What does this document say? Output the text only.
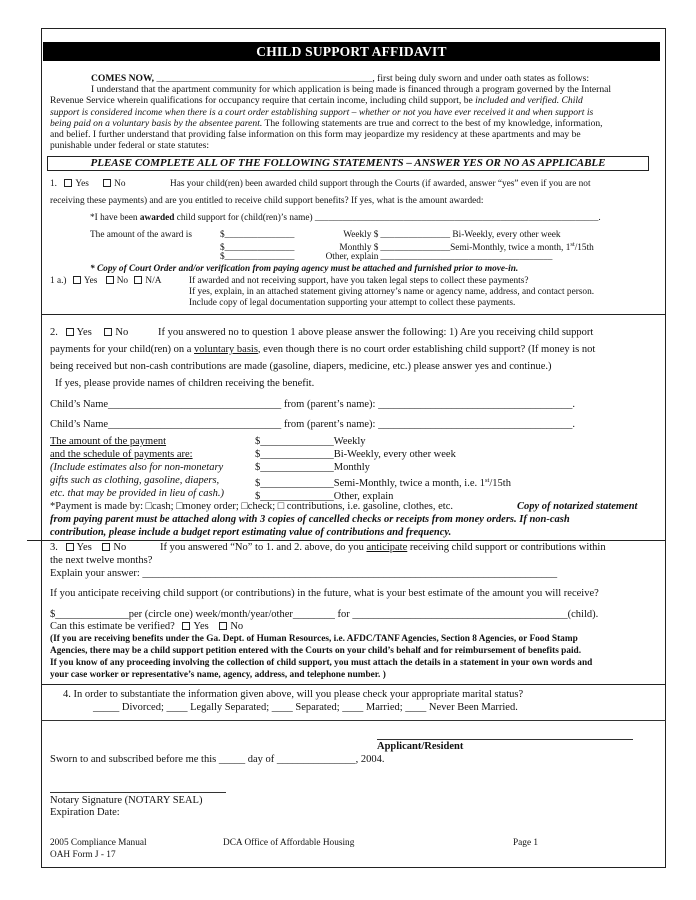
CHILD SUPPORT AFFIDAVIT
COMES NOW, _____________________________________________, first being duly sworn and under oath states as follows:
I understand that the apartment community for which application is being made is financed through a program governed by the Internal
Revenue Service wherein qualifications for occupancy require that certain income, including child support, be included and verified. Child
support is considered income when there is a court order establishing support – whether or not you have ever received it and when support is
being paid on a voluntary basis by the absentee parent. The following statements are true and correct to the best of my knowledge, information,
and belief. I further understand that providing false information on this form may jeopardize my residency at these apartments and may be
punishable under federal or state statutes:
PLEASE COMPLETE ALL OF THE FOLLOWING STATEMENTS – ANSWER YES OR NO AS APPLICABLE
1. Yes	No	Has your child(ren) been awarded child support through the Courts (if awarded, answer “yes” even if you are not
receiving these payments) and are you entitled to receive child support benefits? If yes, what is the amount awarded:
*I have been awarded child support for (child(ren)’s name) _____________________________________________________________.
The amount of the award is	$_______________	Weekly $ _______________ Bi-Weekly, every other week
$_______________	Monthly $ _______________Semi-Monthly, twice a month, 1st/15th
$_______________	Other, explain _____________________________________
* Copy of Court Order and/or verification from paying agency must be attached and furnished prior to move-in.
1 a.) Yes No N/A	If awarded and not receiving support, have you taken legal steps to collect these payments?
If yes, explain, in an attached statement giving attorney’s name or agency name, address, and contact person.
Include copy of legal documentation supporting your attempt to collect these payments.
2. Yes No	If you answered no to question 1 above please answer the following: 1) Are you receiving child support
payments for your child(ren) on a voluntary basis, even though there is no court order establishing child support? (If money is not
being received but non-cash contributions are made (gasoline, diapers, medicine, etc.) please answer yes and continue.)
If yes, please provide names of children receiving the benefit.
Child’s Name_________________________________ from (parent’s name): _____________________________________.
Child’s Name_________________________________ from (parent’s name): _____________________________________.
The amount of the payment
and the schedule of payments are:
(Include estimates also for non-monetary
gifts such as clothing, gasoline, diapers,
etc. that may be provided in lieu of cash.)
$______________Weekly
$______________Bi-Weekly, every other week
$______________Monthly
$______________Semi-Monthly, twice a month, i.e. 1st/15th
$______________Other, explain
*Payment is made by: □cash; □money order; □check; □ contributions, i.e. gasoline, clothes, etc.	Copy of notarized statement
from paying parent must be attached along with 3 copies of cancelled checks or receipts from money orders. If non-cash
contribution, please include a budget report estimating value of contributions and frequency.
3. Yes No	If you answered “No” to 1. and 2. above, do you anticipate receiving child support or contributions within
the next twelve months?
Explain your answer: _______________________________________________________________________________
If you anticipate receiving child support (or contributions) in the future, what is your best estimate of the amount you will receive?
$______________per (circle one) week/month/year/other________ for _________________________________________(child).
Can this estimate be verified? Yes No
(If you are receiving benefits under the Ga. Dept. of Human Resources, i.e. AFDC/TANF Agencies, Section 8 Agencies, or Food Stamp
Agencies, there may be a child support petition entered with the Courts on your child’s behalf and for reimbursement of benefits paid.
If you know of any proceeding involving the collection of child support, you must attach the details in a statement in your own words and
your case worker or representative’s name, agency, address, and telephone number. )
4. In order to substantiate the information given above, will you please check your appropriate marital status?
_____ Divorced; ____ Legally Separated; ____ Separated; ____ Married; ____ Never Been Married.
Applicant/Resident
Sworn to and subscribed before me this _____ day of _______________, 2004.
Notary Signature (NOTARY SEAL)
Expiration Date:
2005 Compliance Manual
OAH Form J - 17
DCA Office of Affordable Housing	Page 1
